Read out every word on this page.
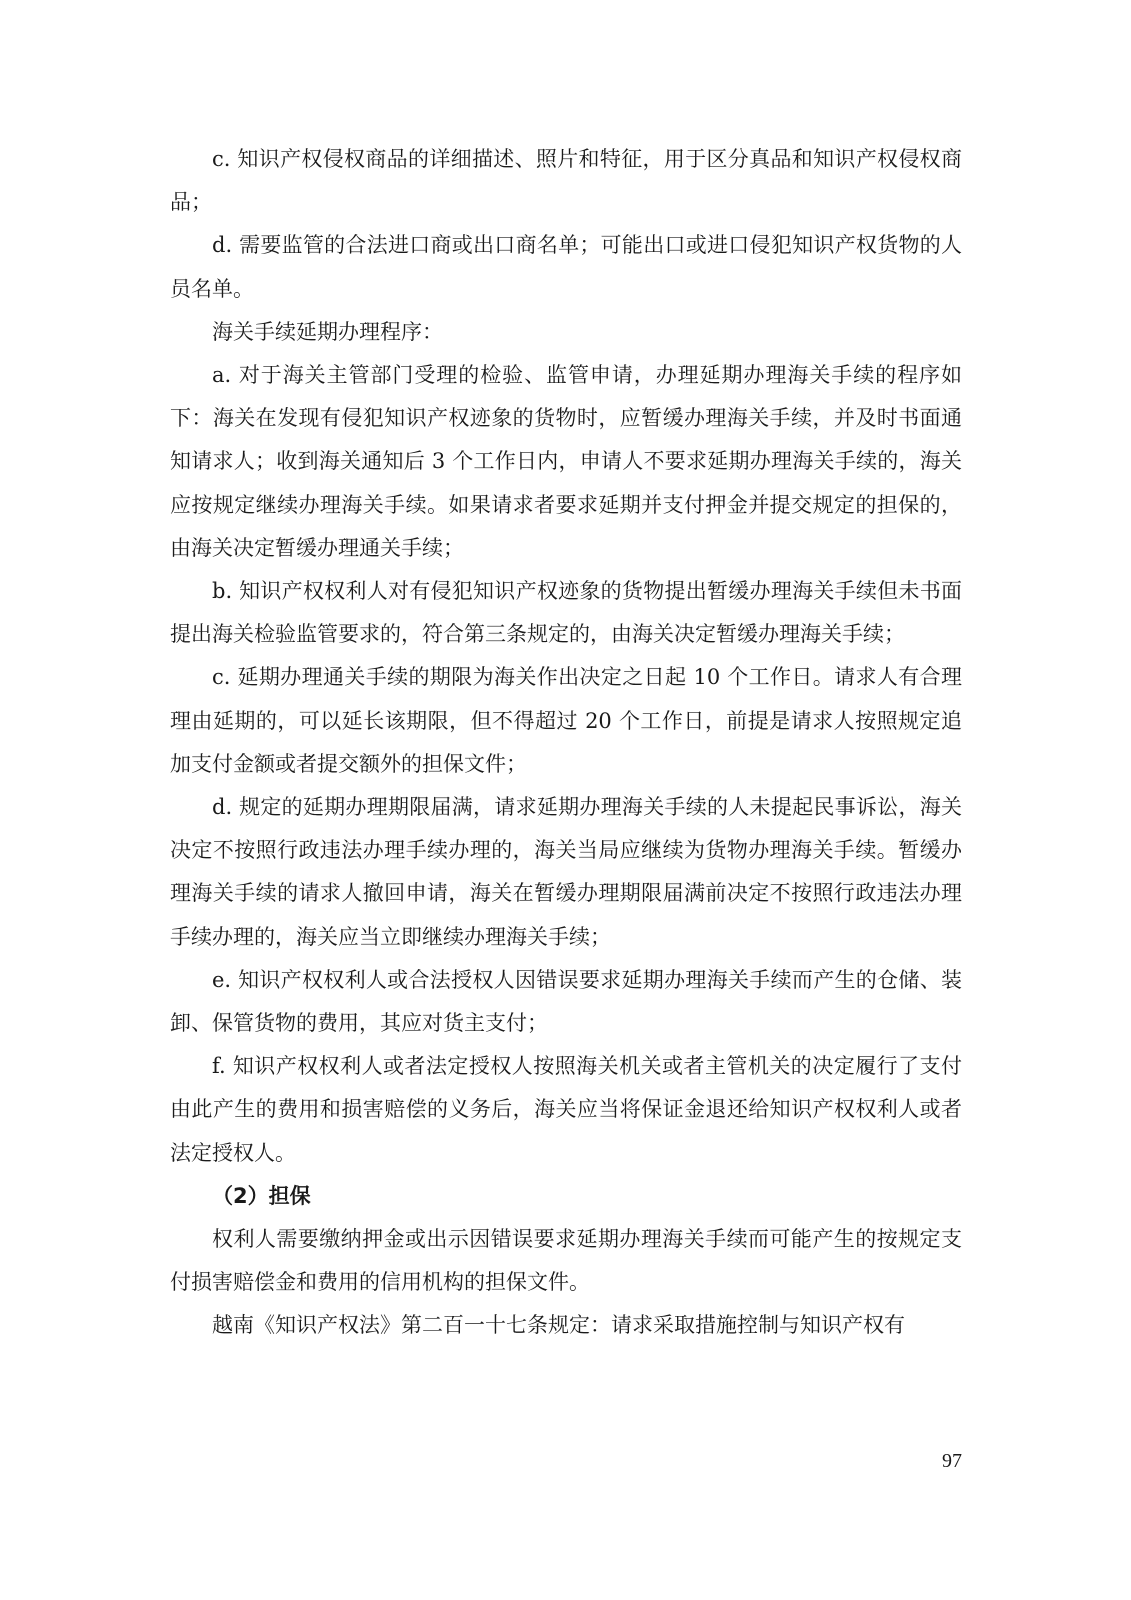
c. 知识产权侵权商品的详细描述、照片和特征，用于区分真品和知识产权侵权商品；

d. 需要监管的合法进口商或出口商名单；可能出口或进口侵犯知识产权货物的人员名单。

海关手续延期办理程序：

a. 对于海关主管部门受理的检验、监管申请，办理延期办理海关手续的程序如下：海关在发现有侵犯知识产权迹象的货物时，应暂缓办理海关手续，并及时书面通知请求人；收到海关通知后 3 个工作日内，申请人不要求延期办理海关手续的，海关应按规定继续办理海关手续。如果请求者要求延期并支付押金并提交规定的担保的，由海关决定暂缓办理通关手续；

b. 知识产权权利人对有侵犯知识产权迹象的货物提出暂缓办理海关手续但未书面提出海关检验监管要求的，符合第三条规定的，由海关决定暂缓办理海关手续；

c. 延期办理通关手续的期限为海关作出决定之日起 10 个工作日。请求人有合理理由延期的，可以延长该期限，但不得超过 20 个工作日，前提是请求人按照规定追加支付金额或者提交额外的担保文件；

d. 规定的延期办理期限届满，请求延期办理海关手续的人未提起民事诉讼，海关决定不按照行政违法办理手续办理的，海关当局应继续为货物办理海关手续。暂缓办理海关手续的请求人撤回申请，海关在暂缓办理期限届满前决定不按照行政违法办理手续办理的，海关应当立即继续办理海关手续；

e. 知识产权权利人或合法授权人因错误要求延期办理海关手续而产生的仓储、装卸、保管货物的费用，其应对货主支付；

f. 知识产权权利人或者法定授权人按照海关机关或者主管机关的决定履行了支付由此产生的费用和损害赔偿的义务后，海关应当将保证金退还给知识产权权利人或者法定授权人。

（2）担保

权利人需要缴纳押金或出示因错误要求延期办理海关手续而可能产生的按规定支付损害赔偿金和费用的信用机构的担保文件。

越南《知识产权法》第二百一十七条规定：请求采取措施控制与知识产权有

97
